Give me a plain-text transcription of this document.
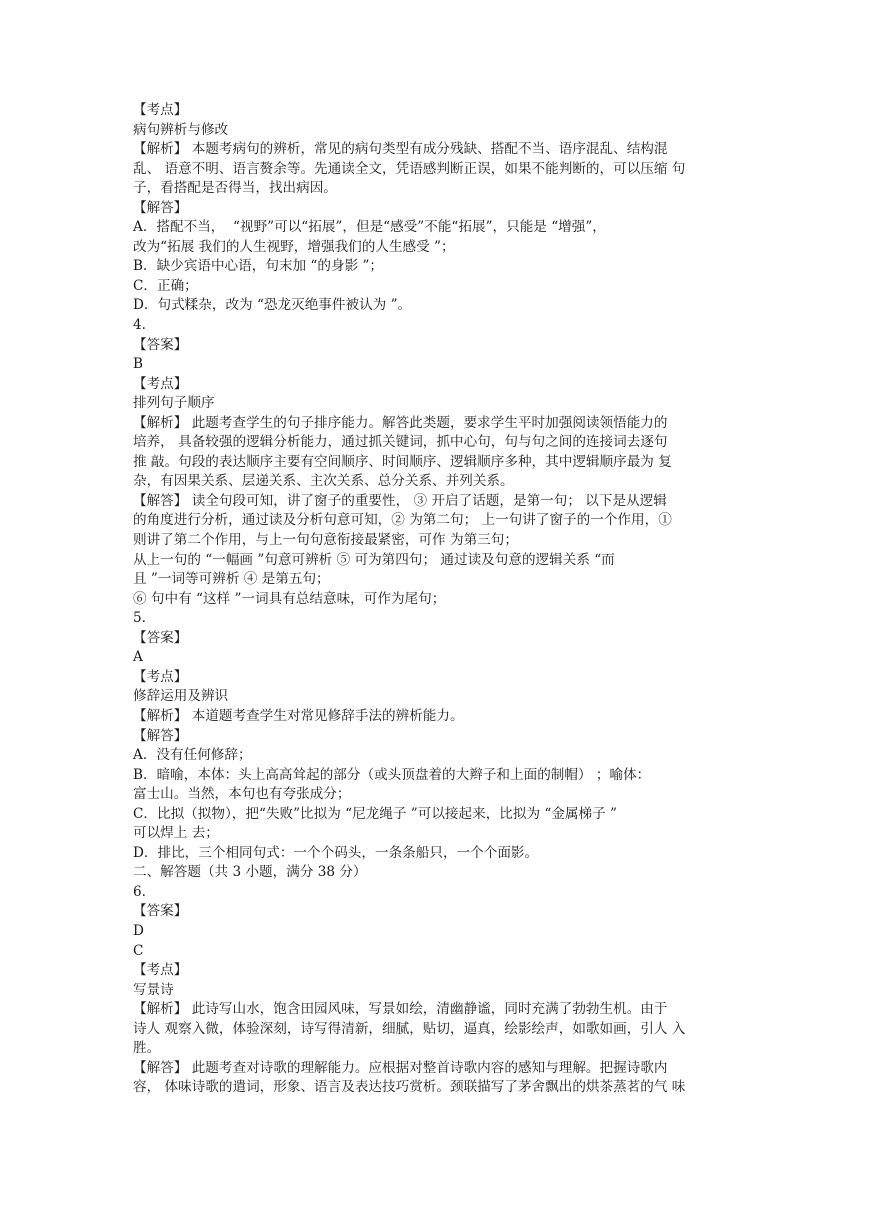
【考点】
病句辨析与修改
【解析】 本题考病句的辨析，常见的病句类型有成分残缺、搭配不当、语序混乱、结构混
乱、 语意不明、语言赘余等。先通读全文，凭语感判断正误，如果不能判断的，可以压缩 句
子，看搭配是否得当，找出病因。
【解答】
A．搭配不当，  “视野”可以“拓展”，但是“感受”不能“拓展”，只能是 “增强”，
改为“拓展 我们的人生视野，增强我们的人生感受 ”；
B．缺少宾语中心语，句末加 “的身影 ”；
C．正确；
D．句式糅杂，改为 “恐龙灭绝事件被认为 ”。
4.
【答案】
B
【考点】
排列句子顺序
【解析】 此题考查学生的句子排序能力。解答此类题，要求学生平时加强阅读领悟能力的
培养， 具备较强的逻辑分析能力，通过抓关键词，抓中心句，句与句之间的连接词去逐句
推 敲。句段的表达顺序主要有空间顺序、时间顺序、逻辑顺序多种，其中逻辑顺序最为 复
杂，有因果关系、层递关系、主次关系、总分关系、并列关系。
【解答】 读全句段可知，讲了窗子的重要性， ③ 开启了话题，是第一句； 以下是从逻辑
的角度进行分析，通过读及分析句意可知，② 为第二句； 上一句讲了窗子的一个作用，①
则讲了第二个作用，与上一句句意衔接最紧密，可作 为第三句；
从上一句的 “一幅画 ”句意可辨析 ⑤ 可为第四句； 通过读及句意的逻辑关系 “而
且 ”一词等可辨析 ④ 是第五句；
⑥ 句中有 “这样 ”一词具有总结意味，可作为尾句；
5.
【答案】
A
【考点】
修辞运用及辨识
【解析】 本道题考查学生对常见修辞手法的辨析能力。
【解答】
A．没有任何修辞；
B．暗喻，本体：头上高高耸起的部分（或头顶盘着的大辫子和上面的制帽） ；喻体：
富士山。当然，本句也有夸张成分；
C．比拟（拟物），把“失败”比拟为 “尼龙绳子 ”可以接起来，比拟为 “金属梯子 ”
可以焊上 去；
D．排比，三个相同句式：一个个码头，一条条船只，一个个面影。
二、解答题（共 3 小题，满分 38 分）
6.
【答案】
D
C
【考点】
写景诗
【解析】 此诗写山水，饱含田园风味，写景如绘，清幽静谧，同时充满了勃勃生机。由于
诗人 观察入微，体验深刻，诗写得清新，细腻，贴切，逼真，绘影绘声，如歌如画，引人 入
胜。
【解答】 此题考查对诗歌的理解能力。应根据对整首诗歌内容的感知与理解。把握诗歌内
容， 体味诗歌的遣词，形象、语言及表达技巧赏析。颈联描写了茅舍飘出的烘茶蒸茗的气 味
